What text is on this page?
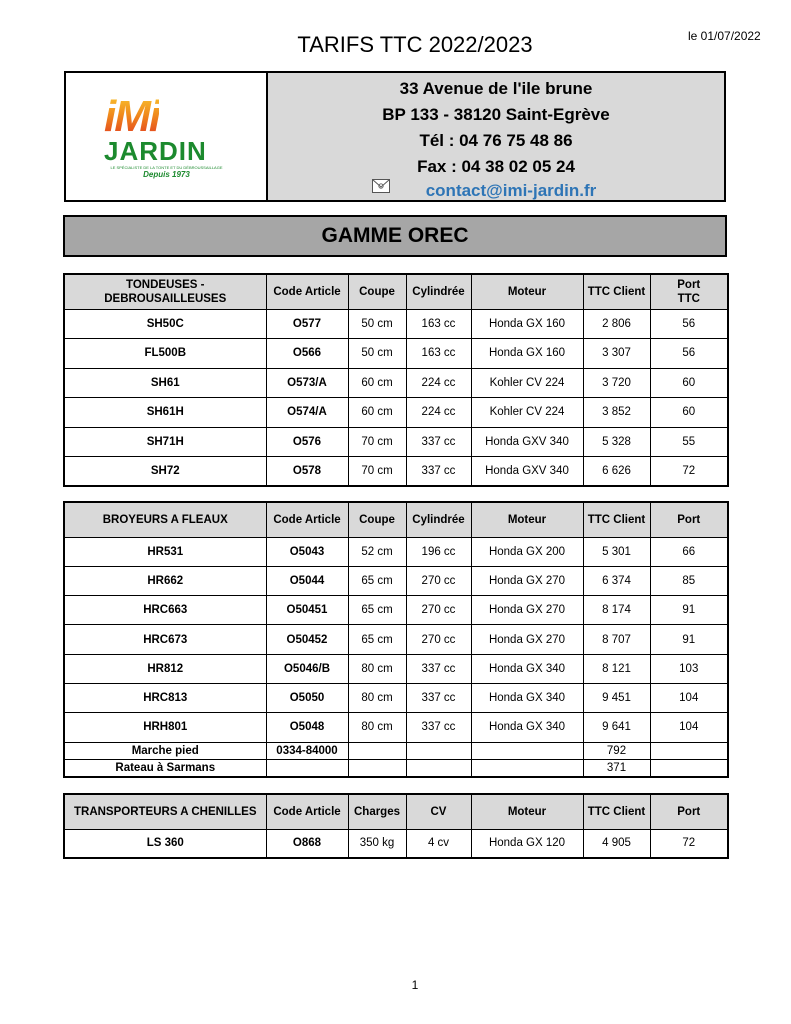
TARIFS TTC 2022/2023	le 01/07/2022
iMi
JARDIN
LE SPÉCIALISTE DE LA TONTE ET DU DÉBROUSSAILLAGE
Depuis 1973
33 Avenue de l'ile brune
BP 133 - 38120 Saint-Egrève
Tél : 04 76 75 48 86
Fax : 04 38 02 05 24
contact@imi-jardin.fr
GAMME OREC
TONDEUSES - DEBROUSAILLEUSES	Code Article	Coupe	Cylindrée	Moteur	TTC Client	Port TTC
SH50C	O577	50 cm	163 cc	Honda GX 160	2 806	56
FL500B	O566	50 cm	163 cc	Honda GX 160	3 307	56
SH61	O573/A	60 cm	224 cc	Kohler CV 224	3 720	60
SH61H	O574/A	60 cm	224 cc	Kohler CV 224	3 852	60
SH71H	O576	70 cm	337 cc	Honda GXV 340	5 328	55
SH72	O578	70 cm	337 cc	Honda GXV 340	6 626	72
BROYEURS A FLEAUX	Code Article	Coupe	Cylindrée	Moteur	TTC Client	Port
HR531	O5043	52 cm	196 cc	Honda GX 200	5 301	66
HR662	O5044	65 cm	270 cc	Honda GX 270	6 374	85
HRC663	O50451	65 cm	270 cc	Honda GX 270	8 174	91
HRC673	O50452	65 cm	270 cc	Honda GX 270	8 707	91
HR812	O5046/B	80 cm	337 cc	Honda GX 340	8 121	103
HRC813	O5050	80 cm	337 cc	Honda GX 340	9 451	104
HRH801	O5048	80 cm	337 cc	Honda GX 340	9 641	104
Marche pied	0334-84000				792	
Rateau à Sarmans					371	
TRANSPORTEURS A CHENILLES	Code Article	Charges	CV	Moteur	TTC Client	Port
LS 360	O868	350 kg	4 cv	Honda GX 120	4 905	72
1
